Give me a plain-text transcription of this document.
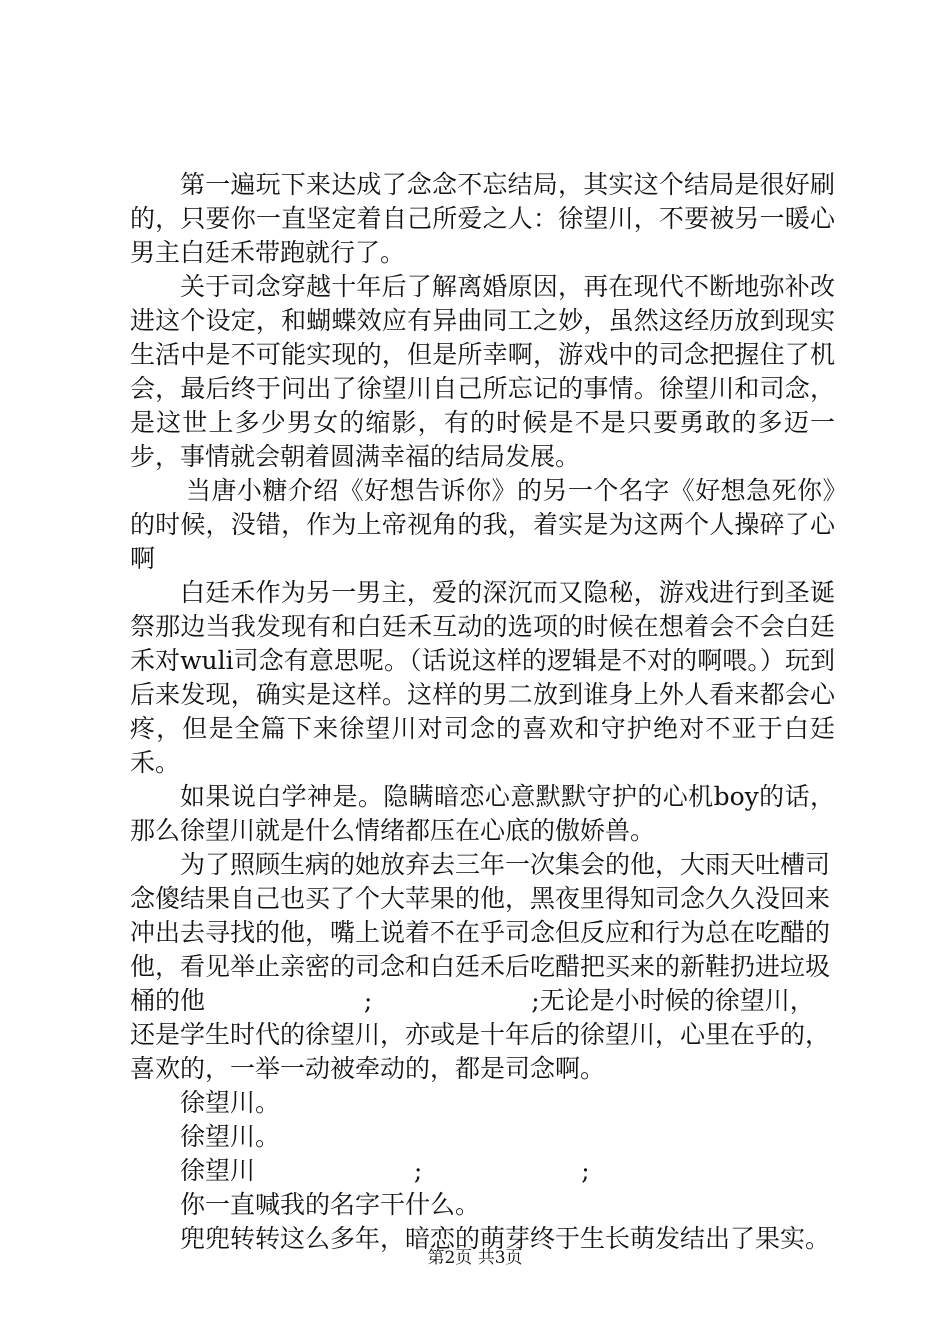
第一遍玩下来达成了念念不忘结局，其实这个结局是很好刷的，只要你一直坚定着自己所爱之人：徐望川，不要被另一暖心男主白廷禾带跑就行了。

关于司念穿越十年后了解离婚原因，再在现代不断地弥补改进这个设定，和蝴蝶效应有异曲同工之妙，虽然这经历放到现实生活中是不可能实现的，但是所幸啊，游戏中的司念把握住了机会，最后终于问出了徐望川自己所忘记的事情。徐望川和司念，是这世上多少男女的缩影，有的时候是不是只要勇敢的多迈一步，事情就会朝着圆满幸福的结局发展。

当唐小糖介绍《好想告诉你》的另一个名字《好想急死你》的时候，没错，作为上帝视角的我，着实是为这两个人操碎了心啊

白廷禾作为另一男主，爱的深沉而又隐秘，游戏进行到圣诞祭那边当我发现有和白廷禾互动的选项的时候在想着会不会白廷禾对wuli司念有意思呢。（话说这样的逻辑是不对的啊喂。）玩到后来发现，确实是这样。这样的男二放到谁身上外人看来都会心疼，但是全篇下来徐望川对司念的喜欢和守护绝对不亚于白廷禾。

如果说白学神是。隐瞒暗恋心意默默守护的心机boy的话，那么徐望川就是什么情绪都压在心底的傲娇兽。

为了照顾生病的她放弃去三年一次集会的他，大雨天吐槽司念傻结果自己也买了个大苹果的他，黑夜里得知司念久久没回来冲出去寻找的他，嘴上说着不在乎司念但反应和行为总在吃醋的他，看见举止亲密的司念和白廷禾后吃醋把买来的新鞋扔进垃圾桶的他                    ;                    ;无论是小时候的徐望川，还是学生时代的徐望川，亦或是十年后的徐望川，心里在乎的，喜欢的，一举一动被牵动的，都是司念啊。

徐望川。

徐望川。

徐望川                    ;                    ;

你一直喊我的名字干什么。

兜兜转转这么多年，暗恋的萌芽终于生长萌发结出了果实。

第2页 共3页
